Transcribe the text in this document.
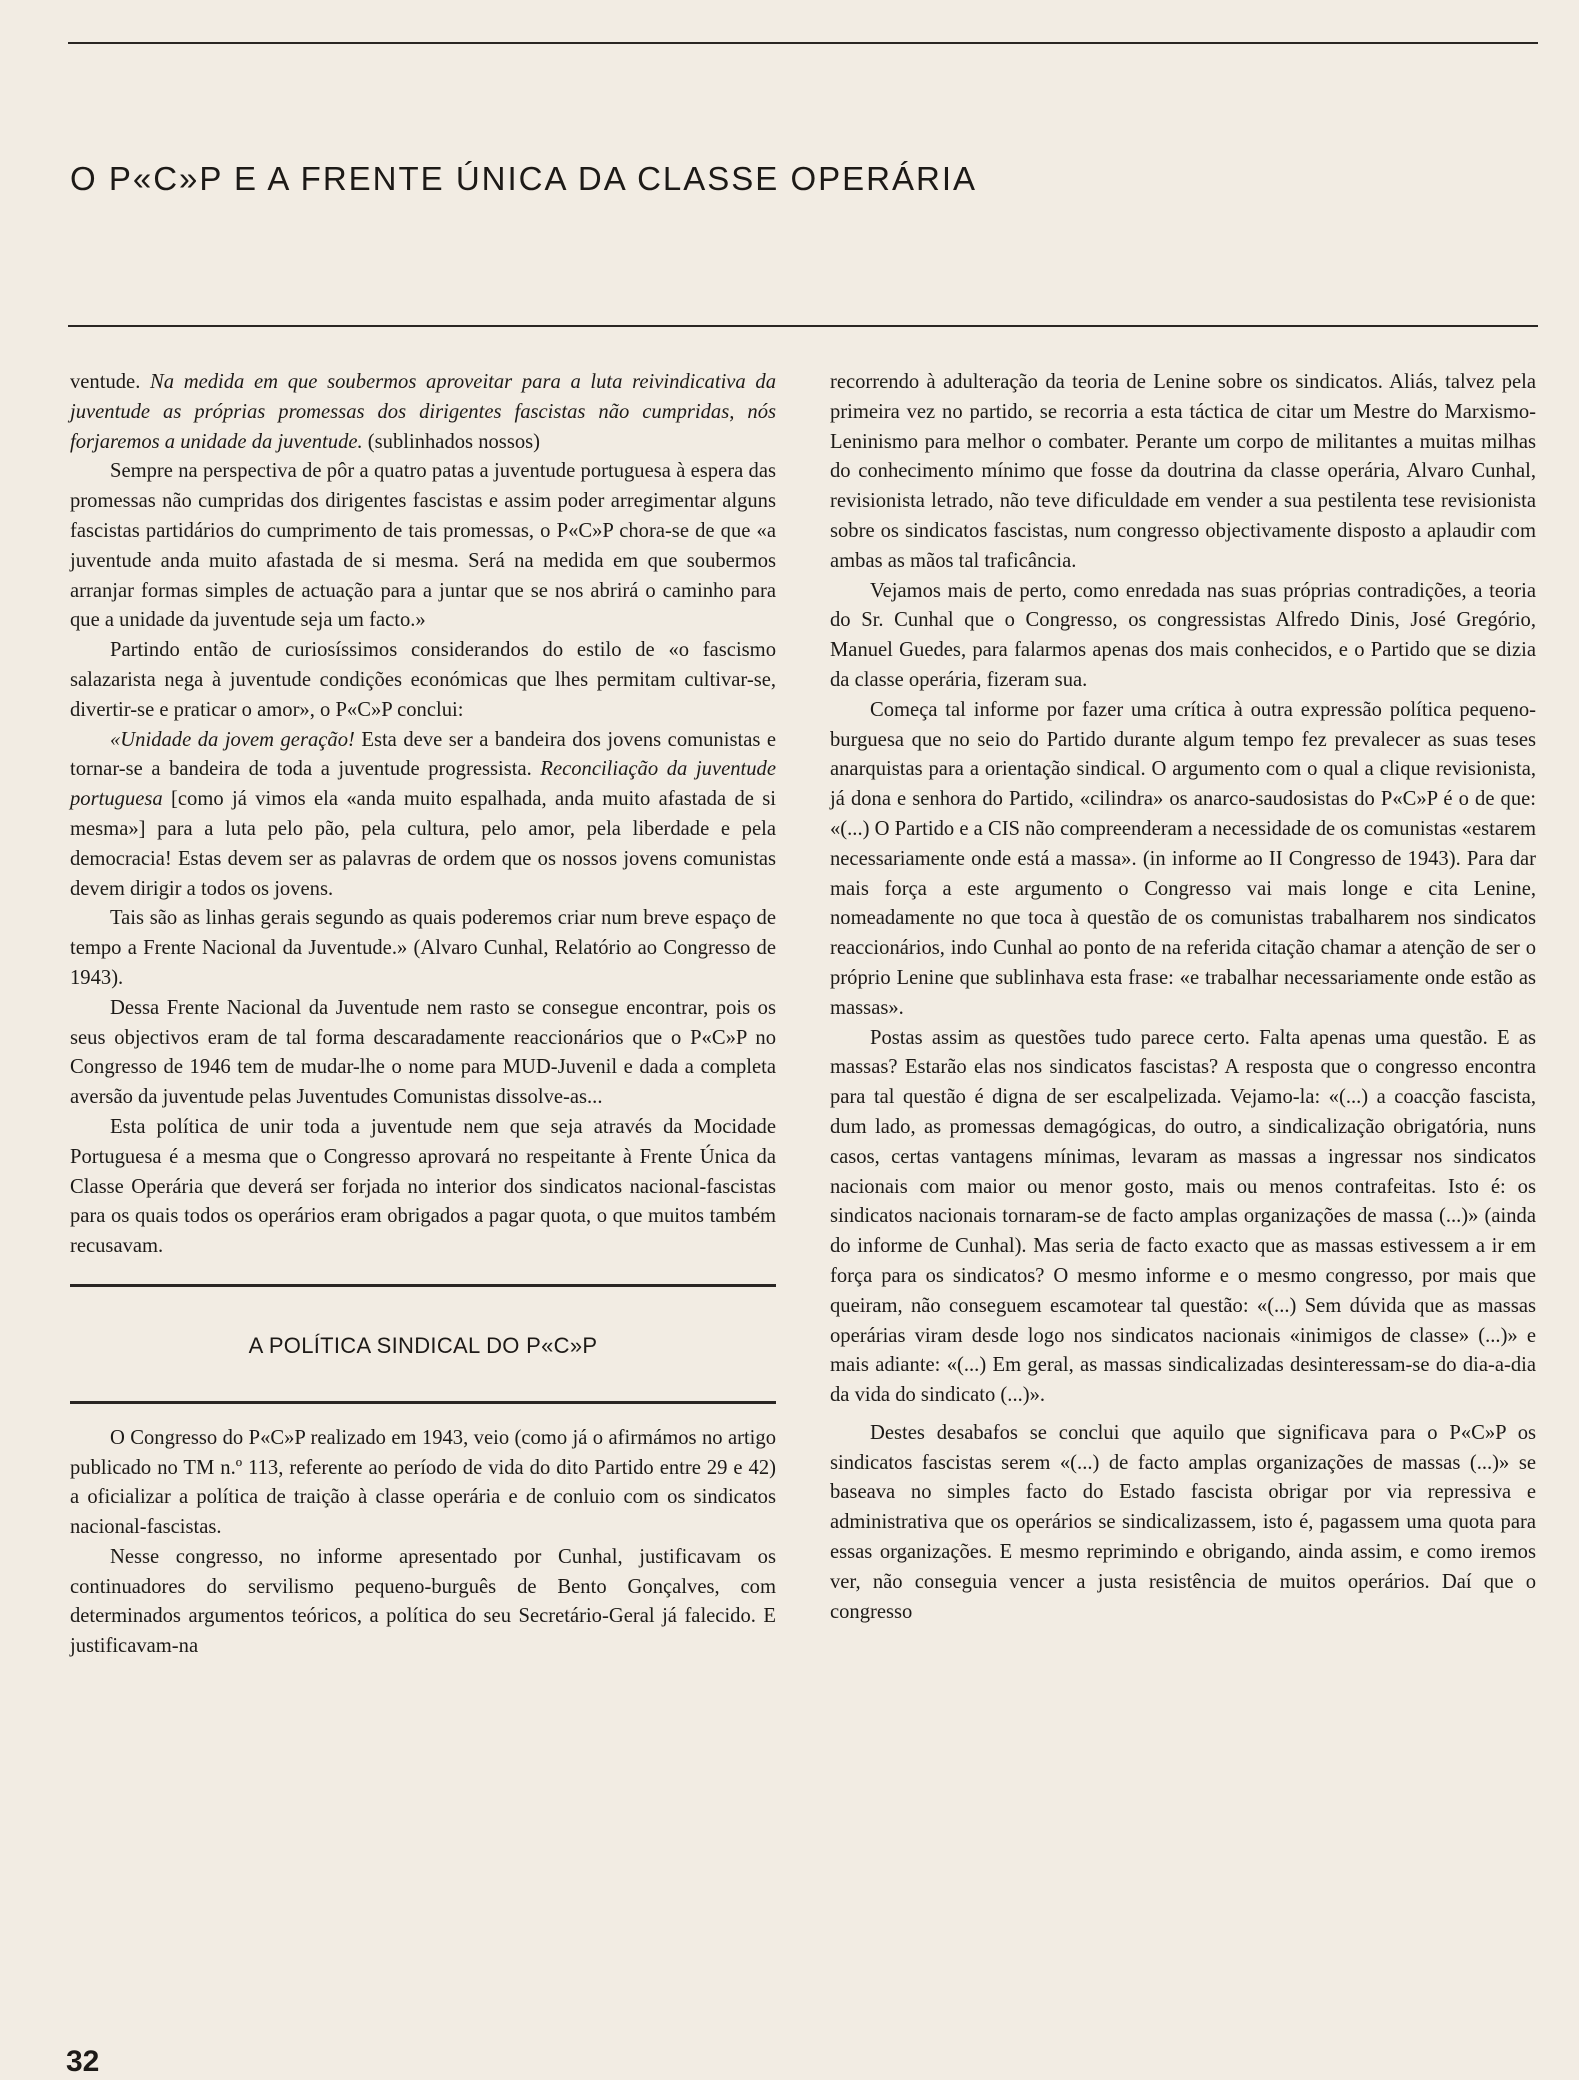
O P«C»P E A FRENTE ÚNICA DA CLASSE OPERÁRIA

ventude. Na medida em que soubermos aproveitar para a luta reivindicativa da juventude as próprias promessas dos dirigentes fascistas não cumpridas, nós forjaremos a unidade da juventude. (sublinhados nossos)

Sempre na perspectiva de pôr a quatro patas a juventude portuguesa à espera das promessas não cumpridas dos dirigentes fascistas e assim poder arregimentar alguns fascistas partidários do cumprimento de tais promessas, o P«C»P chora-se de que «a juventude anda muito afastada de si mesma. Será na medida em que soubermos arranjar formas simples de actuação para a juntar que se nos abrirá o caminho para que a unidade da juventude seja um facto.»

Partindo então de curiosíssimos considerandos do estilo de «o fascismo salazarista nega à juventude condições económicas que lhes permitam cultivar-se, divertir-se e praticar o amor», o P«C»P conclui:

«Unidade da jovem geração! Esta deve ser a bandeira dos jovens comunistas e tornar-se a bandeira de toda a juventude progressista. Reconciliação da juventude portuguesa [como já vimos ela «anda muito espalhada, anda muito afastada de si mesma»] para a luta pelo pão, pela cultura, pelo amor, pela liberdade e pela democracia! Estas devem ser as palavras de ordem que os nossos jovens comunistas devem dirigir a todos os jovens.

Tais são as linhas gerais segundo as quais poderemos criar num breve espaço de tempo a Frente Nacional da Juventude.» (Alvaro Cunhal, Relatório ao Congresso de 1943).

Dessa Frente Nacional da Juventude nem rasto se consegue encontrar, pois os seus objectivos eram de tal forma descaradamente reaccionários que o P«C»P no Congresso de 1946 tem de mudar-lhe o nome para MUD-Juvenil e dada a completa aversão da juventude pelas Juventudes Comunistas dissolve-as...

Esta política de unir toda a juventude nem que seja através da Mocidade Portuguesa é a mesma que o Congresso aprovará no respeitante à Frente Única da Classe Operária que deverá ser forjada no interior dos sindicatos nacional-fascistas para os quais todos os operários eram obrigados a pagar quota, o que muitos também recusavam.

A POLÍTICA SINDICAL DO P«C»P

O Congresso do P«C»P realizado em 1943, veio (como já o afirmámos no artigo publicado no TM n.º 113, referente ao período de vida do dito Partido entre 29 e 42) a oficializar a política de traição à classe operária e de conluio com os sindicatos nacional-fascistas.

Nesse congresso, no informe apresentado por Cunhal, justificavam os continuadores do servilismo pequeno-burguês de Bento Gonçalves, com determinados argumentos teóricos, a política do seu Secretário-Geral já falecido. E justificavam-na

recorrendo à adulteração da teoria de Lenine sobre os sindicatos. Aliás, talvez pela primeira vez no partido, se recorria a esta táctica de citar um Mestre do Marxismo-Leninismo para melhor o combater. Perante um corpo de militantes a muitas milhas do conhecimento mínimo que fosse da doutrina da classe operária, Alvaro Cunhal, revisionista letrado, não teve dificuldade em vender a sua pestilenta tese revisionista sobre os sindicatos fascistas, num congresso objectivamente disposto a aplaudir com ambas as mãos tal traficância.

Vejamos mais de perto, como enredada nas suas próprias contradições, a teoria do Sr. Cunhal que o Congresso, os congressistas Alfredo Dinis, José Gregório, Manuel Guedes, para falarmos apenas dos mais conhecidos, e o Partido que se dizia da classe operária, fizeram sua.

Começa tal informe por fazer uma crítica à outra expressão política pequeno-burguesa que no seio do Partido durante algum tempo fez prevalecer as suas teses anarquistas para a orientação sindical. O argumento com o qual a clique revisionista, já dona e senhora do Partido, «cilindra» os anarco-saudosistas do P«C»P é o de que: «(...) O Partido e a CIS não compreenderam a necessidade de os comunistas «estarem necessariamente onde está a massa». (in informe ao II Congresso de 1943). Para dar mais força a este argumento o Congresso vai mais longe e cita Lenine, nomeadamente no que toca à questão de os comunistas trabalharem nos sindicatos reaccionários, indo Cunhal ao ponto de na referida citação chamar a atenção de ser o próprio Lenine que sublinhava esta frase: «e trabalhar necessariamente onde estão as massas».

Postas assim as questões tudo parece certo. Falta apenas uma questão. E as massas? Estarão elas nos sindicatos fascistas? A resposta que o congresso encontra para tal questão é digna de ser escalpelizada. Vejamo-la: «(...) a coacção fascista, dum lado, as promessas demagógicas, do outro, a sindicalização obrigatória, nuns casos, certas vantagens mínimas, levaram as massas a ingressar nos sindicatos nacionais com maior ou menor gosto, mais ou menos contrafeitas. Isto é: os sindicatos nacionais tornaram-se de facto amplas organizações de massa (...)» (ainda do informe de Cunhal). Mas seria de facto exacto que as massas estivessem a ir em força para os sindicatos? O mesmo informe e o mesmo congresso, por mais que queiram, não conseguem escamotear tal questão: «(...) Sem dúvida que as massas operárias viram desde logo nos sindicatos nacionais «inimigos de classe» (...)» e mais adiante: «(...) Em geral, as massas sindicalizadas desinteressam-se do dia-a-dia da vida do sindicato (...)».

Destes desabafos se conclui que aquilo que significava para o P«C»P os sindicatos fascistas serem «(...) de facto amplas organizações de massas (...)» se baseava no simples facto do Estado fascista obrigar por via repressiva e administrativa que os operários se sindicalizassem, isto é, pagassem uma quota para essas organizações. E mesmo reprimindo e obrigando, ainda assim, e como iremos ver, não conseguia vencer a justa resistência de muitos operários. Daí que o congresso

32
